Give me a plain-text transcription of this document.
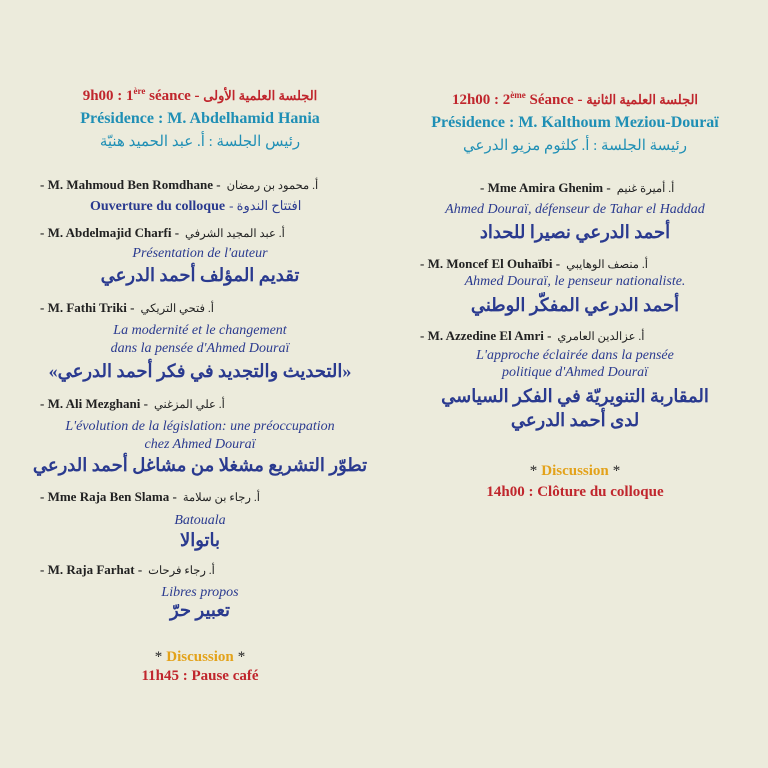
9h00 : 1ère séance - الجلسة العلمية الأولى
Présidence : M. Abdelhamid Hania
رئيس الجلسة : أ. عبد الحميد هنيّة
- M. Mahmoud Ben Romdhane - أ. محمود بن رمضان
Ouverture du colloque افتتاح الندوة -
- M. Abdelmajid Charfi - أ. عبد المجيد الشرفي
Présentation de l'auteur
تقديم المؤلف أحمد الدرعي
- M. Fathi Triki - أ. فتحي التريكي
La modernité et le changement
dans la pensée d'Ahmed Douraï
«التحديث والتجديد في فكر أحمد الدرعي»
- M. Ali Mezghani - أ. علي المزغني
L'évolution de la législation: une préoccupation
chez Ahmed Douraï
تطوّر التشريع مشغلا من مشاغل أحمد الدرعي
- Mme Raja Ben Slama - أ. رجاء بن سلامة
Batouala
باتوالا
- M. Raja Farhat - أ. رجاء فرحات
Libres propos
تعبير حرّ
* Discussion *
11h45 : Pause café
12h00 : 2ème Séance - الجلسة العلمية الثانية
Présidence : M. Kalthoum Meziou-Douraï
رئيسة الجلسة : أ. كلثوم مزيو الدرعي
- Mme Amira Ghenim - أ. أميرة غنيم
Ahmed Douraï, défenseur de Tahar el Haddad
أحمد الدرعي نصيرا للحداد
- M. Moncef El Ouhaïbi - أ. منصف الوهايبي
Ahmed Douraï, le penseur nationaliste.
أحمد الدرعي المفكّر الوطني
- M. Azzedine El Amri - أ. عزالدين العامري
L'approche éclairée dans la pensée
politique d'Ahmed Douraï
المقاربة التنويريّة في الفكر السياسي
لدى أحمد الدرعي
* Discussion *
14h00 : Clôture du colloque
